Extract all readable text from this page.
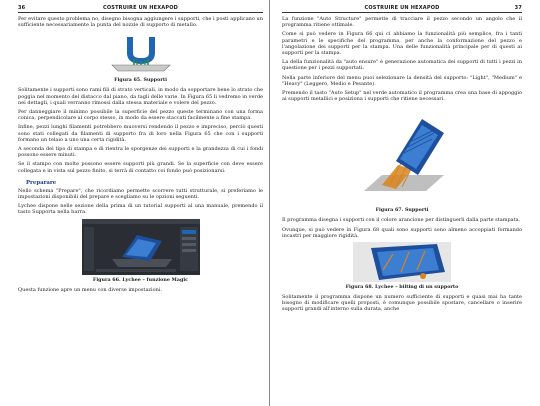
36	COSTRUIRE UN HEXAPOD

Per evitare questo problema no, disegno bisogna aggiungere i supporti, che i posti applicano un sufficiente necessariamente la punta del nozzle di supporto di metallo.

Figura 65. Supporti

Solitamente i supporti sono rami fili di strato verticali, in modo da sopportare bene lo strato che poggia nel momento del distacco dal piano, da tagli delle varie. In Figura 65 li vedremo in verde nei dettagli, i quali verranno rimossi dalla stessa materiale e volere del pezzo.

Per danneggiare il minimo possibile la superficie del pezzo queste terminano con una forma conica, perpendicolare al corpo stesso, in modo da essere staccati facilmente a fine stampa.

Infine, pezzi lunghi filamenti potrebbero muoversi rendendo il pezzo e impreciso, perciò questi sono stati collegati da filamenti di supporto fra di loro nella Figura 65 che con i supporti formano un telaio a uno una certa rigidità.

A seconda del tipo di stampa e di rientra le sporgenze dei supporti e la grandezza di cui i fondi possono essere minuti.

Se il stampo con molte possono essere supporti più grandi. Se la superficie con deve essere collegata e in vista sul pezzo finito, si terrà di contatto coi fondo può posizionarsi.

Preparare

Nello schema "Prepare", che ricordiamo permette scorrere tutti strutturale, si preferiamo le impostazioni disponibili del prepare e scegliamo su le opzioni seguenti.

Lychee dispone nelle sezione della prima di un tutorial supporti al una manuale, premendo il tasto Supporta nella barra.

Figura 66. Lychee – funzione Magic

Questa funzione apre un menu con diverse impostazioni.

COSTRUIRE UN HEXAPOD	37

La funzione "Auto Structure" permette di tracciare il pezzo secondo un angolo che il programma ritiene ottimale.

Come si può vedere in Figura 66 qui ci abbiamo la funzionalità più semplice, fra i tanti parametri e le specifiche del programma, per anche la conformazione del pezzo e l'angolazione dei supporti per la stampa. Una delle funzionalità principale per di questi ai supporti per la stampa.

La della funzionalità da "auto ensure" è generazione automatica dei supporti di tutti i pezzi in questione per i pezzi supportati.

Nella parte inferiore del menu puoi selezionare la densità del supporto: "Light", "Medium" e "Heavy" (Leggero, Medio e Pesante).

Premendo il tasto "Auto Setup" nel verde automatico il programma crea una base di appoggio ai supporti metallici e posiziona i supporti che ritiene necessari.

Figura 67. Supporti

Il programma disegna i supporti con il colore arancione per distinguerli dalla parte stampata.

Ovunque, si può vedere in Figura 68 quali sono supporti sono almeno accoppiati formando incastri per maggiore rigidità.

Figura 68. Lychee – bilting di un supporto

Solitamente il programma dispone un numero sufficiente di supporti e quasi mai ha tante bisogno di modificare quelli proposti, è comunque possibile spostare, cancellare o inserire supporti grandi all'interno sulla durata, anche
